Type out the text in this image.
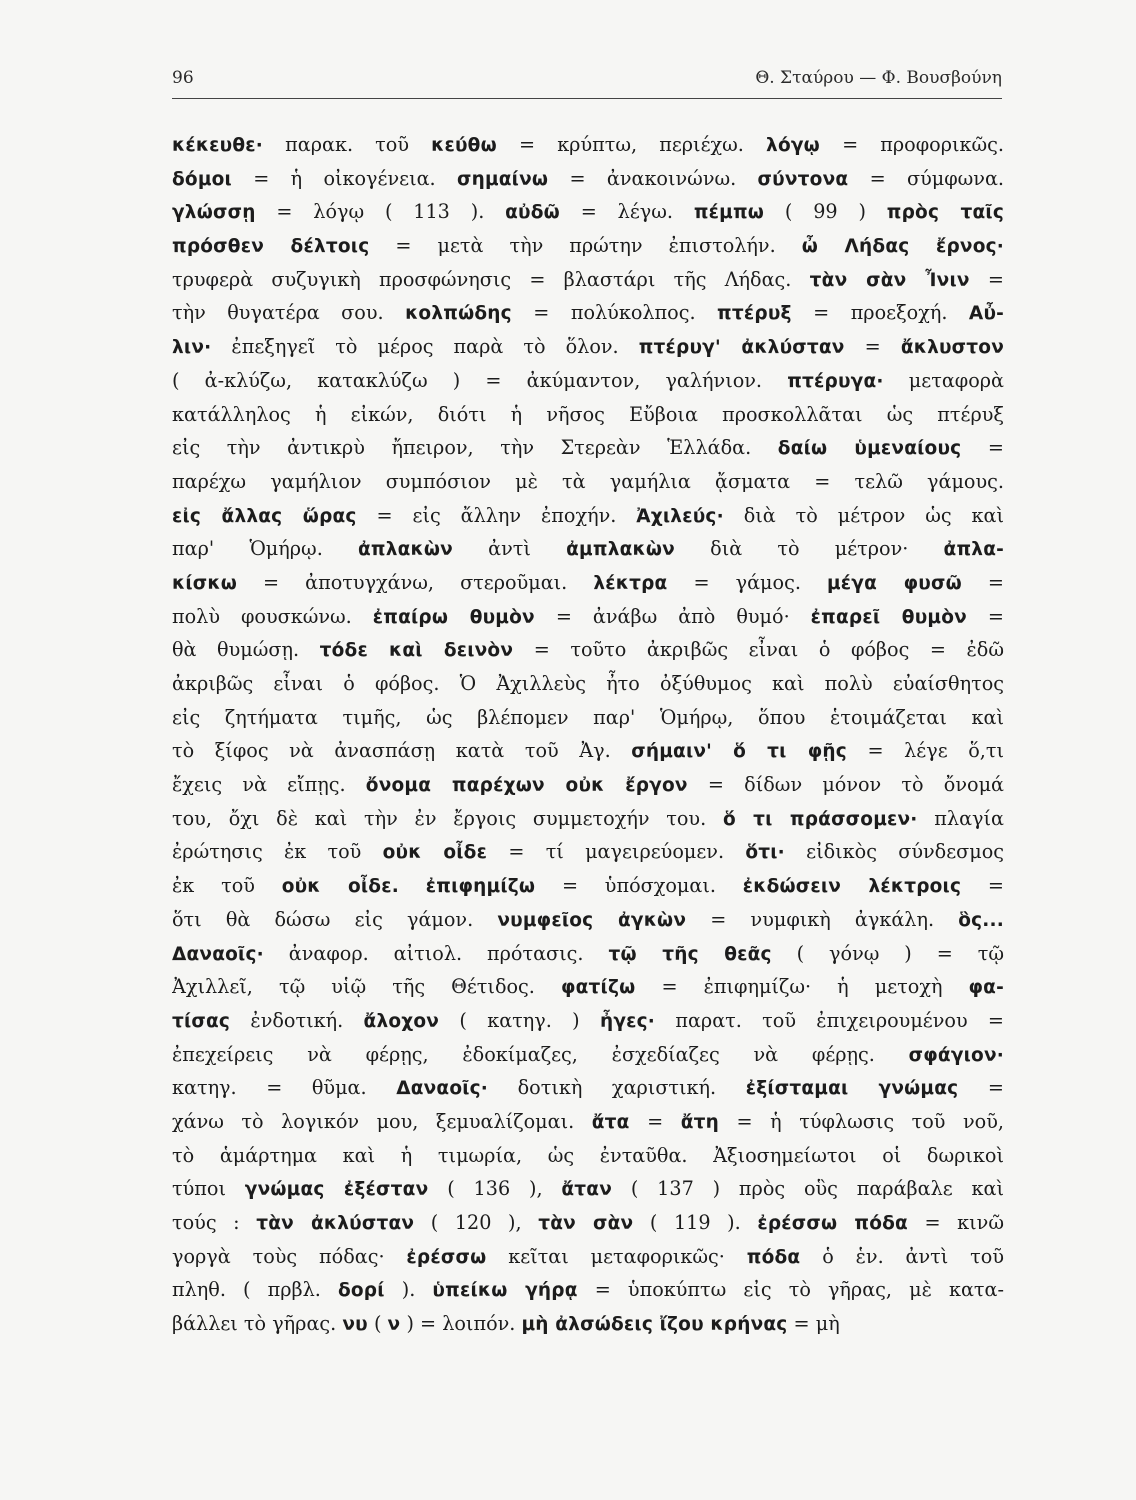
96	Θ. Σταύρου — Φ. Βουσβούνη
κέκευθε· παρακ. τοῦ κεύθω = κρύπτω, περιέχω. λόγῳ = προφορικῶς.
δόμοι = ἡ οἰκογένεια. σημαίνω = ἀνακοινώνω. σύντονα = σύμφωνα.
γλώσσῃ = λόγῳ ( 113 ). αὐδῶ = λέγω. πέμπω ( 99 ) πρὸς ταῖς
πρόσθεν δέλτοις = μετὰ τὴν πρώτην ἐπιστολήν. ὦ Λήδας ἔρνος·
τρυφερὰ συζυγικὴ προσφώνησις = βλαστάρι τῆς Λήδας. τὰν σὰν Ἶνιν =
τὴν θυγατέρα σου. κολπώδης = πολύκολπος. πτέρυξ = προεξοχή. Αὖ-
λιν· ἐπεξηγεῖ τὸ μέρος παρὰ τὸ ὅλον. πτέρυγ' ἀκλύσταν = ἄκλυστον
( ἀ-κλύζω, κατακλύζω ) = ἀκύμαντον, γαλήνιον. πτέρυγα· μεταφορὰ
κατάλληλος ἡ εἰκών, διότι ἡ νῆσος Εὔβοια προσκολλᾶται ὡς πτέρυξ
εἰς τὴν ἀντικρὺ ἤπειρον, τὴν Στερεὰν Ἑλλάδα. δαίω ὑμεναίους =
παρέχω γαμήλιον συμπόσιον μὲ τὰ γαμήλια ᾄσματα = τελῶ γάμους.
εἰς ἄλλας ὥρας = εἰς ἄλλην ἐποχήν. Ἀχιλεύς· διὰ τὸ μέτρον ὡς καὶ
παρ' Ὁμήρῳ. ἀπλακὼν ἀντὶ ἀμπλακὼν διὰ τὸ μέτρον· ἀπλα-
κίσκω = ἀποτυγχάνω, στεροῦμαι. λέκτρα = γάμος. μέγα φυσῶ =
πολὺ φουσκώνω. ἐπαίρω θυμὸν = ἀνάβω ἀπὸ θυμό· ἐπαρεῖ θυμὸν =
θὰ θυμώσῃ. τόδε καὶ δεινὸν = τοῦτο ἀκριβῶς εἶναι ὁ φόβος = ἐδῶ
ἀκριβῶς εἶναι ὁ φόβος. Ὁ Ἀχιλλεὺς ἦτο ὀξύθυμος καὶ πολὺ εὐαίσθητος
εἰς ζητήματα τιμῆς, ὡς βλέπομεν παρ' Ὁμήρῳ, ὅπου ἑτοιμάζεται καὶ
τὸ ξίφος νὰ ἀνασπάσῃ κατὰ τοῦ Ἀγ. σήμαιν' ὅ τι φῇς = λέγε ὅ,τι
ἔχεις νὰ εἴπῃς. ὄνομα παρέχων οὐκ ἔργον = δίδων μόνον τὸ ὄνομά
του, ὄχι δὲ καὶ τὴν ἐν ἔργοις συμμετοχήν του. ὅ τι πράσσομεν· πλαγία
ἐρώτησις ἐκ τοῦ οὐκ οἶδε = τί μαγειρεύομεν. ὅτι· εἰδικὸς σύνδεσμος
ἐκ τοῦ οὐκ οἶδε. ἐπιφημίζω = ὑπόσχομαι. ἐκδώσειν λέκτροις =
ὅτι θὰ δώσω εἰς γάμον. νυμφεῖος ἀγκὼν = νυμφικὴ ἀγκάλη. ὃς...
Δαναοῖς· ἀναφορ. αἰτιολ. πρότασις. τῷ τῆς θεᾶς ( γόνῳ ) = τῷ
Ἀχιλλεῖ, τῷ υἱῷ τῆς Θέτιδος. φατίζω = ἐπιφημίζω· ἡ μετοχὴ φα-
τίσας ἐνδοτική. ἄλοχον ( κατηγ. ) ἦγες· παρατ. τοῦ ἐπιχειρουμένου =
ἐπεχείρεις νὰ φέρῃς, ἐδοκίμαζες, ἐσχεδίαζες νὰ φέρῃς. σφάγιον·
κατηγ. = θῦμα. Δαναοῖς· δοτικὴ χαριστική. ἐξίσταμαι γνώμας =
χάνω τὸ λογικόν μου, ξεμυαλίζομαι. ἄτα = ἄτη = ἡ τύφλωσις τοῦ νοῦ,
τὸ ἁμάρτημα καὶ ἡ τιμωρία, ὡς ἐνταῦθα. Ἀξιοσημείωτοι οἱ δωρικοὶ
τύποι γνώμας ἐξέσταν ( 136 ), ἄταν ( 137 ) πρὸς οὓς παράβαλε καὶ
τούς : τὰν ἀκλύσταν ( 120 ), τὰν σὰν ( 119 ). ἐρέσσω πόδα = κινῶ
γοργὰ τοὺς πόδας· ἐρέσσω κεῖται μεταφορικῶς· πόδα ὁ ἑν. ἀντὶ τοῦ
πληθ. ( πρβλ. δορί ). ὑπείκω γήρᾳ = ὑποκύπτω εἰς τὸ γῆρας, μὲ κατα-
βάλλει τὸ γῆρας. νυ ( ν ) = λοιπόν. μὴ ἀλσώδεις ἴζου κρήνας = μὴ
